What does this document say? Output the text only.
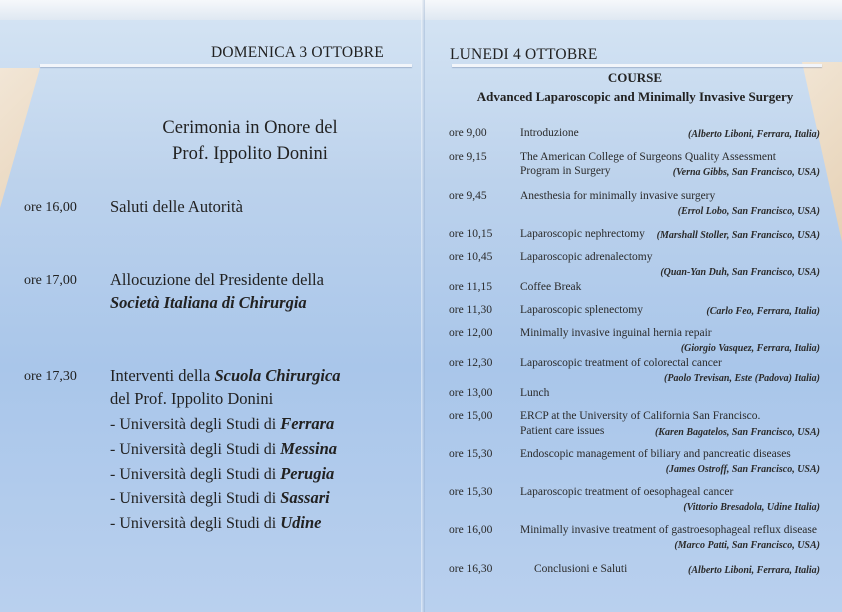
DOMENICA 3 OTTOBRE
Cerimonia in Onore del
Prof. Ippolito Donini
ore 16,00 Saluti delle Autorità
ore 17,00 Allocuzione del Presidente della
Società Italiana di Chirurgia
ore 17,30 Interventi della Scuola Chirurgica
del Prof. Ippolito Donini
- Università degli Studi di Ferrara
- Università degli Studi di Messina
- Università degli Studi di Perugia
- Università degli Studi di Sassari
- Università degli Studi di Udine
LUNEDI 4 OTTOBRE
COURSE
Advanced Laparoscopic and Minimally Invasive Surgery
ore 9,00	Introduzione	(Alberto Liboni, Ferrara, Italia)
ore 9,15	The American College of Surgeons Quality Assessment
Program in Surgery	(Verna Gibbs, San Francisco, USA)
ore 9,45	Anesthesia for minimally invasive surgery
(Errol Lobo, San Francisco, USA)
ore 10,15 Laparoscopic nephrectomy (Marshall Stoller, San Francisco, USA)
ore 10,45 Laparoscopic adrenalectomy
(Quan-Yan Duh, San Francisco, USA)
ore 11,15 Coffee Break
ore 11,30 Laparoscopic splenectomy	(Carlo Feo, Ferrara, Italia)
ore 12,00 Minimally invasive inguinal hernia repair
(Giorgio Vasquez, Ferrara, Italia)
ore 12,30 Laparoscopic treatment of colorectal cancer
(Paolo Trevisan, Este (Padova) Italia)
ore 13,00 Lunch
ore 15,00 ERCP at the University of California San Francisco.
Patient care issues	(Karen Bagatelos, San Francisco, USA)
ore 15,30 Endoscopic management of biliary and pancreatic diseases
(James Ostroff, San Francisco, USA)
ore 15,30 Laparoscopic treatment of oesophageal cancer
(Vittorio Bresadola, Udine Italia)
ore 16,00 Minimally invasive treatment of gastroesophageal reflux disease
(Marco Patti, San Francisco, USA)
ore 16,30	Conclusioni e Saluti	(Alberto Liboni, Ferrara, Italia)
